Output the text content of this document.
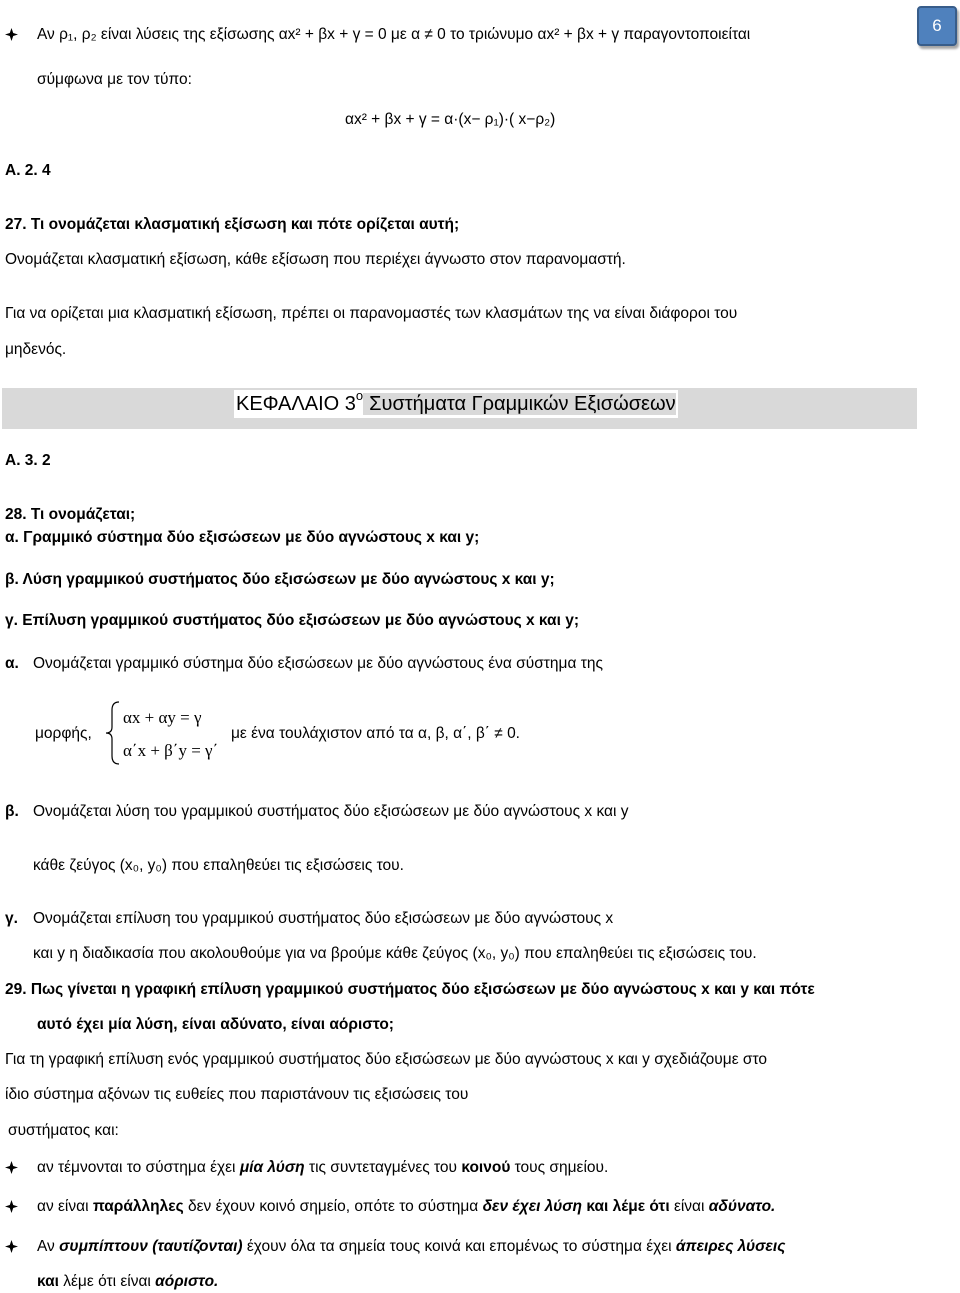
6
Αν ρ₁, ρ₂ είναι λύσεις της εξίσωσης αx² + βx + γ = 0 με α ≠ 0 το τριώνυμο αx² + βx + γ παραγοντοποιείται
σύμφωνα με τον τύπο:
αx² + βx + γ = α·(x− ρ₁)·( x−ρ₂)
Α. 2. 4
27. Τι ονομάζεται κλασματική εξίσωση και πότε ορίζεται αυτή;
Ονομάζεται κλασματική εξίσωση, κάθε εξίσωση που περιέχει άγνωστο στον παρανομαστή.
Για να ορίζεται μια κλασματική εξίσωση, πρέπει οι παρανομαστές των κλασμάτων της να είναι διάφοροι του
μηδενός.
ΚΕΦΑΛΑΙΟ $3^o$ Συστήματα Γραμμικών Εξισώσεων
Α. 3. 2
28. Τι ονομάζεται;
α. Γραμμικό σύστημα δύο εξισώσεων με δύο αγνώστους x και y;
β. Λύση γραμμικού συστήματος δύο εξισώσεων με δύο αγνώστους x και y;
γ. Επίλυση γραμμικού συστήματος δύο εξισώσεων με δύο αγνώστους x και y;
α. Ονομάζεται γραμμικό σύστημα δύο εξισώσεων με δύο αγνώστους ένα σύστημα της
μορφής,
αx + αy = γ
α΄x + β΄y = γ΄
με ένα τουλάχιστον από τα α, β, α΄, β΄ ≠ 0.
β. Ονομάζεται λύση του γραμμικού συστήματος δύο εξισώσεων με δύο αγνώστους x και y
κάθε ζεύγος (x₀, y₀) που επαληθεύει τις εξισώσεις του.
γ. Ονομάζεται επίλυση του γραμμικού συστήματος δύο εξισώσεων με δύο αγνώστους x
και y η διαδικασία που ακολουθούμε για να βρούμε κάθε ζεύγος (x₀, y₀) που επαληθεύει τις εξισώσεις του.
29. Πως γίνεται η γραφική επίλυση γραμμικού συστήματος δύο εξισώσεων με δύο αγνώστους x και y και πότε
αυτό έχει μία λύση, είναι αδύνατο, είναι αόριστο;
Για τη γραφική επίλυση ενός γραμμικού συστήματος δύο εξισώσεων με δύο αγνώστους x και y σχεδιάζουμε στο
ίδιο σύστημα αξόνων τις ευθείες που παριστάνουν τις εξισώσεις του
συστήματος και:
αν τέμνονται το σύστημα έχει μία λύση τις συντεταγμένες του κοινού τους σημείου.
αν είναι παράλληλες δεν έχουν κοινό σημείο, οπότε το σύστημα δεν έχει λύση και λέμε ότι είναι αδύνατο.
Αν συμπίπτουν (ταυτίζονται) έχουν όλα τα σημεία τους κοινά και επομένως το σύστημα έχει άπειρες λύσεις
και λέμε ότι είναι αόριστο.
